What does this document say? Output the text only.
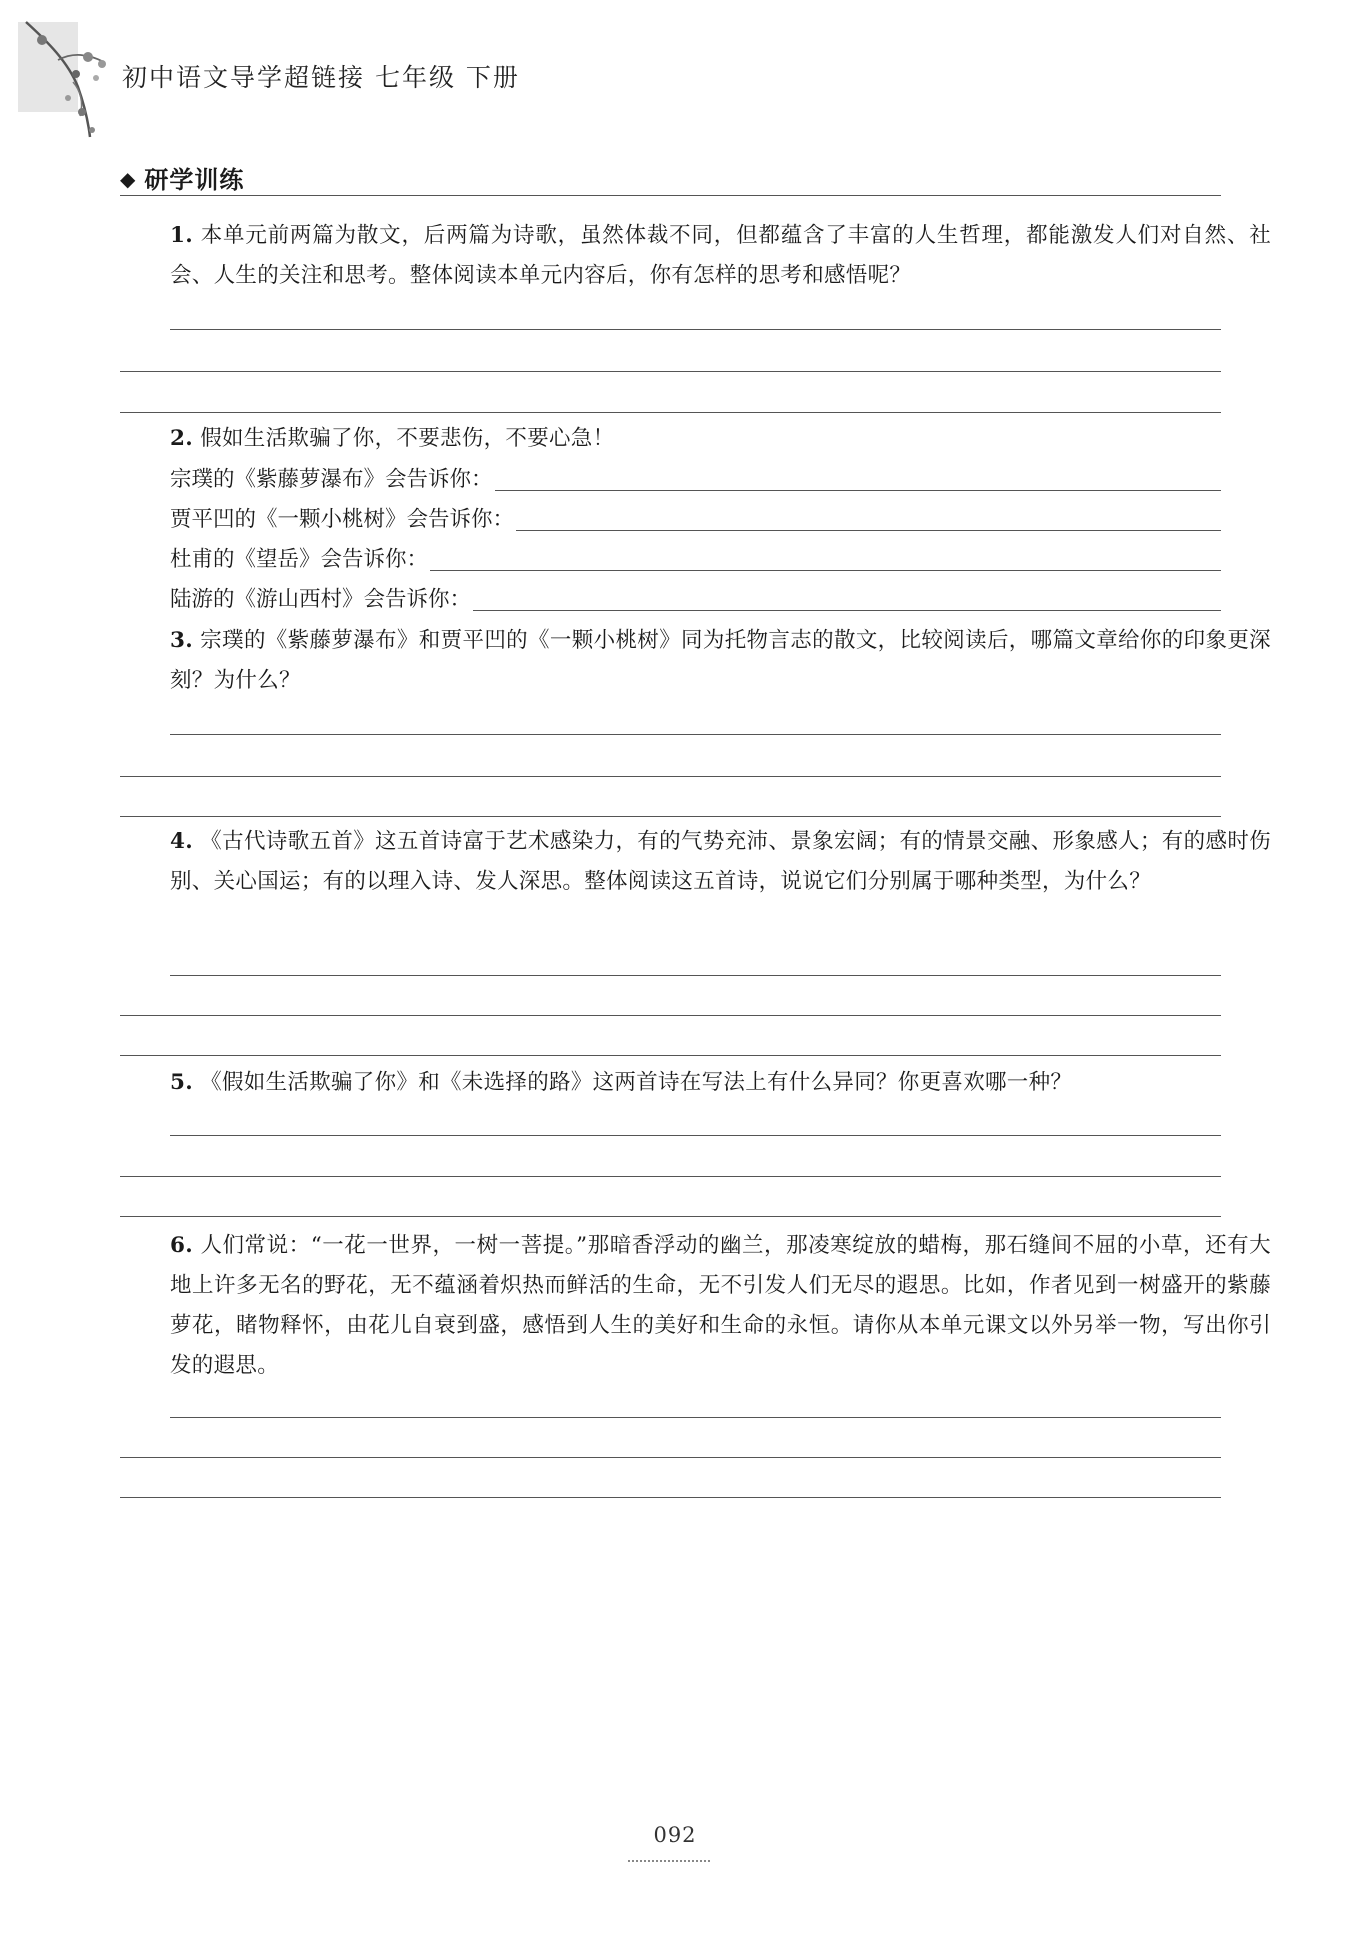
初中语文导学超链接 七年级 下册
◆ 研学训练
1. 本单元前两篇为散文，后两篇为诗歌，虽然体裁不同，但都蕴含了丰富的人生哲理，都能激发人们对自然、社会、人生的关注和思考。整体阅读本单元内容后，你有怎样的思考和感悟呢？
2. 假如生活欺骗了你，不要悲伤，不要心急！
宗璞的《紫藤萝瀑布》会告诉你：
贾平凹的《一颗小桃树》会告诉你：
杜甫的《望岳》会告诉你：
陆游的《游山西村》会告诉你：
3. 宗璞的《紫藤萝瀑布》和贾平凹的《一颗小桃树》同为托物言志的散文，比较阅读后，哪篇文章给你的印象更深刻？为什么？
4. 《古代诗歌五首》这五首诗富于艺术感染力，有的气势充沛、景象宏阔；有的情景交融、形象感人；有的感时伤别、关心国运；有的以理入诗、发人深思。整体阅读这五首诗，说说它们分别属于哪种类型，为什么？
5. 《假如生活欺骗了你》和《未选择的路》这两首诗在写法上有什么异同？你更喜欢哪一种？
6. 人们常说：“一花一世界，一树一菩提。”那暗香浮动的幽兰，那凌寒绽放的蜡梅，那石缝间不屈的小草，还有大地上许多无名的野花，无不蕴涵着炽热而鲜活的生命，无不引发人们无尽的遐思。比如，作者见到一树盛开的紫藤萝花，睹物释怀，由花儿自衰到盛，感悟到人生的美好和生命的永恒。请你从本单元课文以外另举一物，写出你引发的遐思。
092
